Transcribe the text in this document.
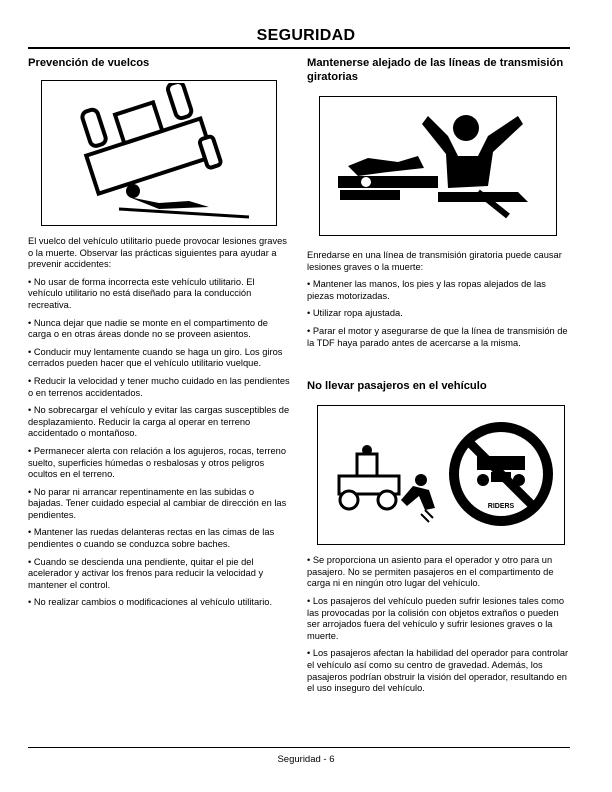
SEGURIDAD
Prevención de vuelcos

El vuelco del vehículo utilitario puede provocar lesiones graves o la muerte. Observar las prácticas siguientes para ayudar a prevenir accidentes:

• No usar de forma incorrecta este vehículo utilitario. El vehículo utilitario no está diseñado para la conducción recreativa.

• Nunca dejar que nadie se monte en el compartimento de carga o en otras áreas donde no se proveen asientos.

• Conducir muy lentamente cuando se haga un giro. Los giros cerrados pueden hacer que el vehículo utilitario vuelque.

• Reducir la velocidad y tener mucho cuidado en las pendientes o en terrenos accidentados.

• No sobrecargar el vehículo y evitar las cargas susceptibles de desplazamiento. Reducir la carga al operar en terreno accidentado o montañoso.

• Permanecer alerta con relación a los agujeros, rocas, terreno suelto, superficies húmedas o resbalosas y otros peligros ocultos en el terreno.

• No parar ni arrancar repentinamente en las subidas o bajadas. Tener cuidado especial al cambiar de dirección en las pendientes.

• Mantener las ruedas delanteras rectas en las cimas de las pendientes o cuando se conduzca sobre baches.

• Cuando se descienda una pendiente, quitar el pie del acelerador y activar los frenos para reducir la velocidad y mantener el control.

• No realizar cambios o modificaciones al vehículo utilitario.

Mantenerse alejado de las líneas de transmisión giratorias

Enredarse en una línea de transmisión giratoria puede causar lesiones graves o la muerte:

• Mantener las manos, los pies y las ropas alejados de las piezas motorizadas.

• Utilizar ropa ajustada.

• Parar el motor y asegurarse de que la línea de transmisión de la TDF haya parado antes de acercarse a la misma.

No llevar pasajeros en el vehículo
RIDERS

• Se proporciona un asiento para el operador y otro para un pasajero. No se permiten pasajeros en el compartimento de carga ni en ningún otro lugar del vehículo.

• Los pasajeros del vehículo pueden sufrir lesiones tales como las provocadas por la colisión con objetos extraños o pueden ser arrojados fuera del vehículo y sufrir lesiones graves o la muerte.

• Los pasajeros afectan la habilidad del operador para controlar el vehículo así como su centro de gravedad. Además, los pasajeros podrían obstruir la visión del operador, resultando en el uso inseguro del vehículo.

Seguridad - 6
